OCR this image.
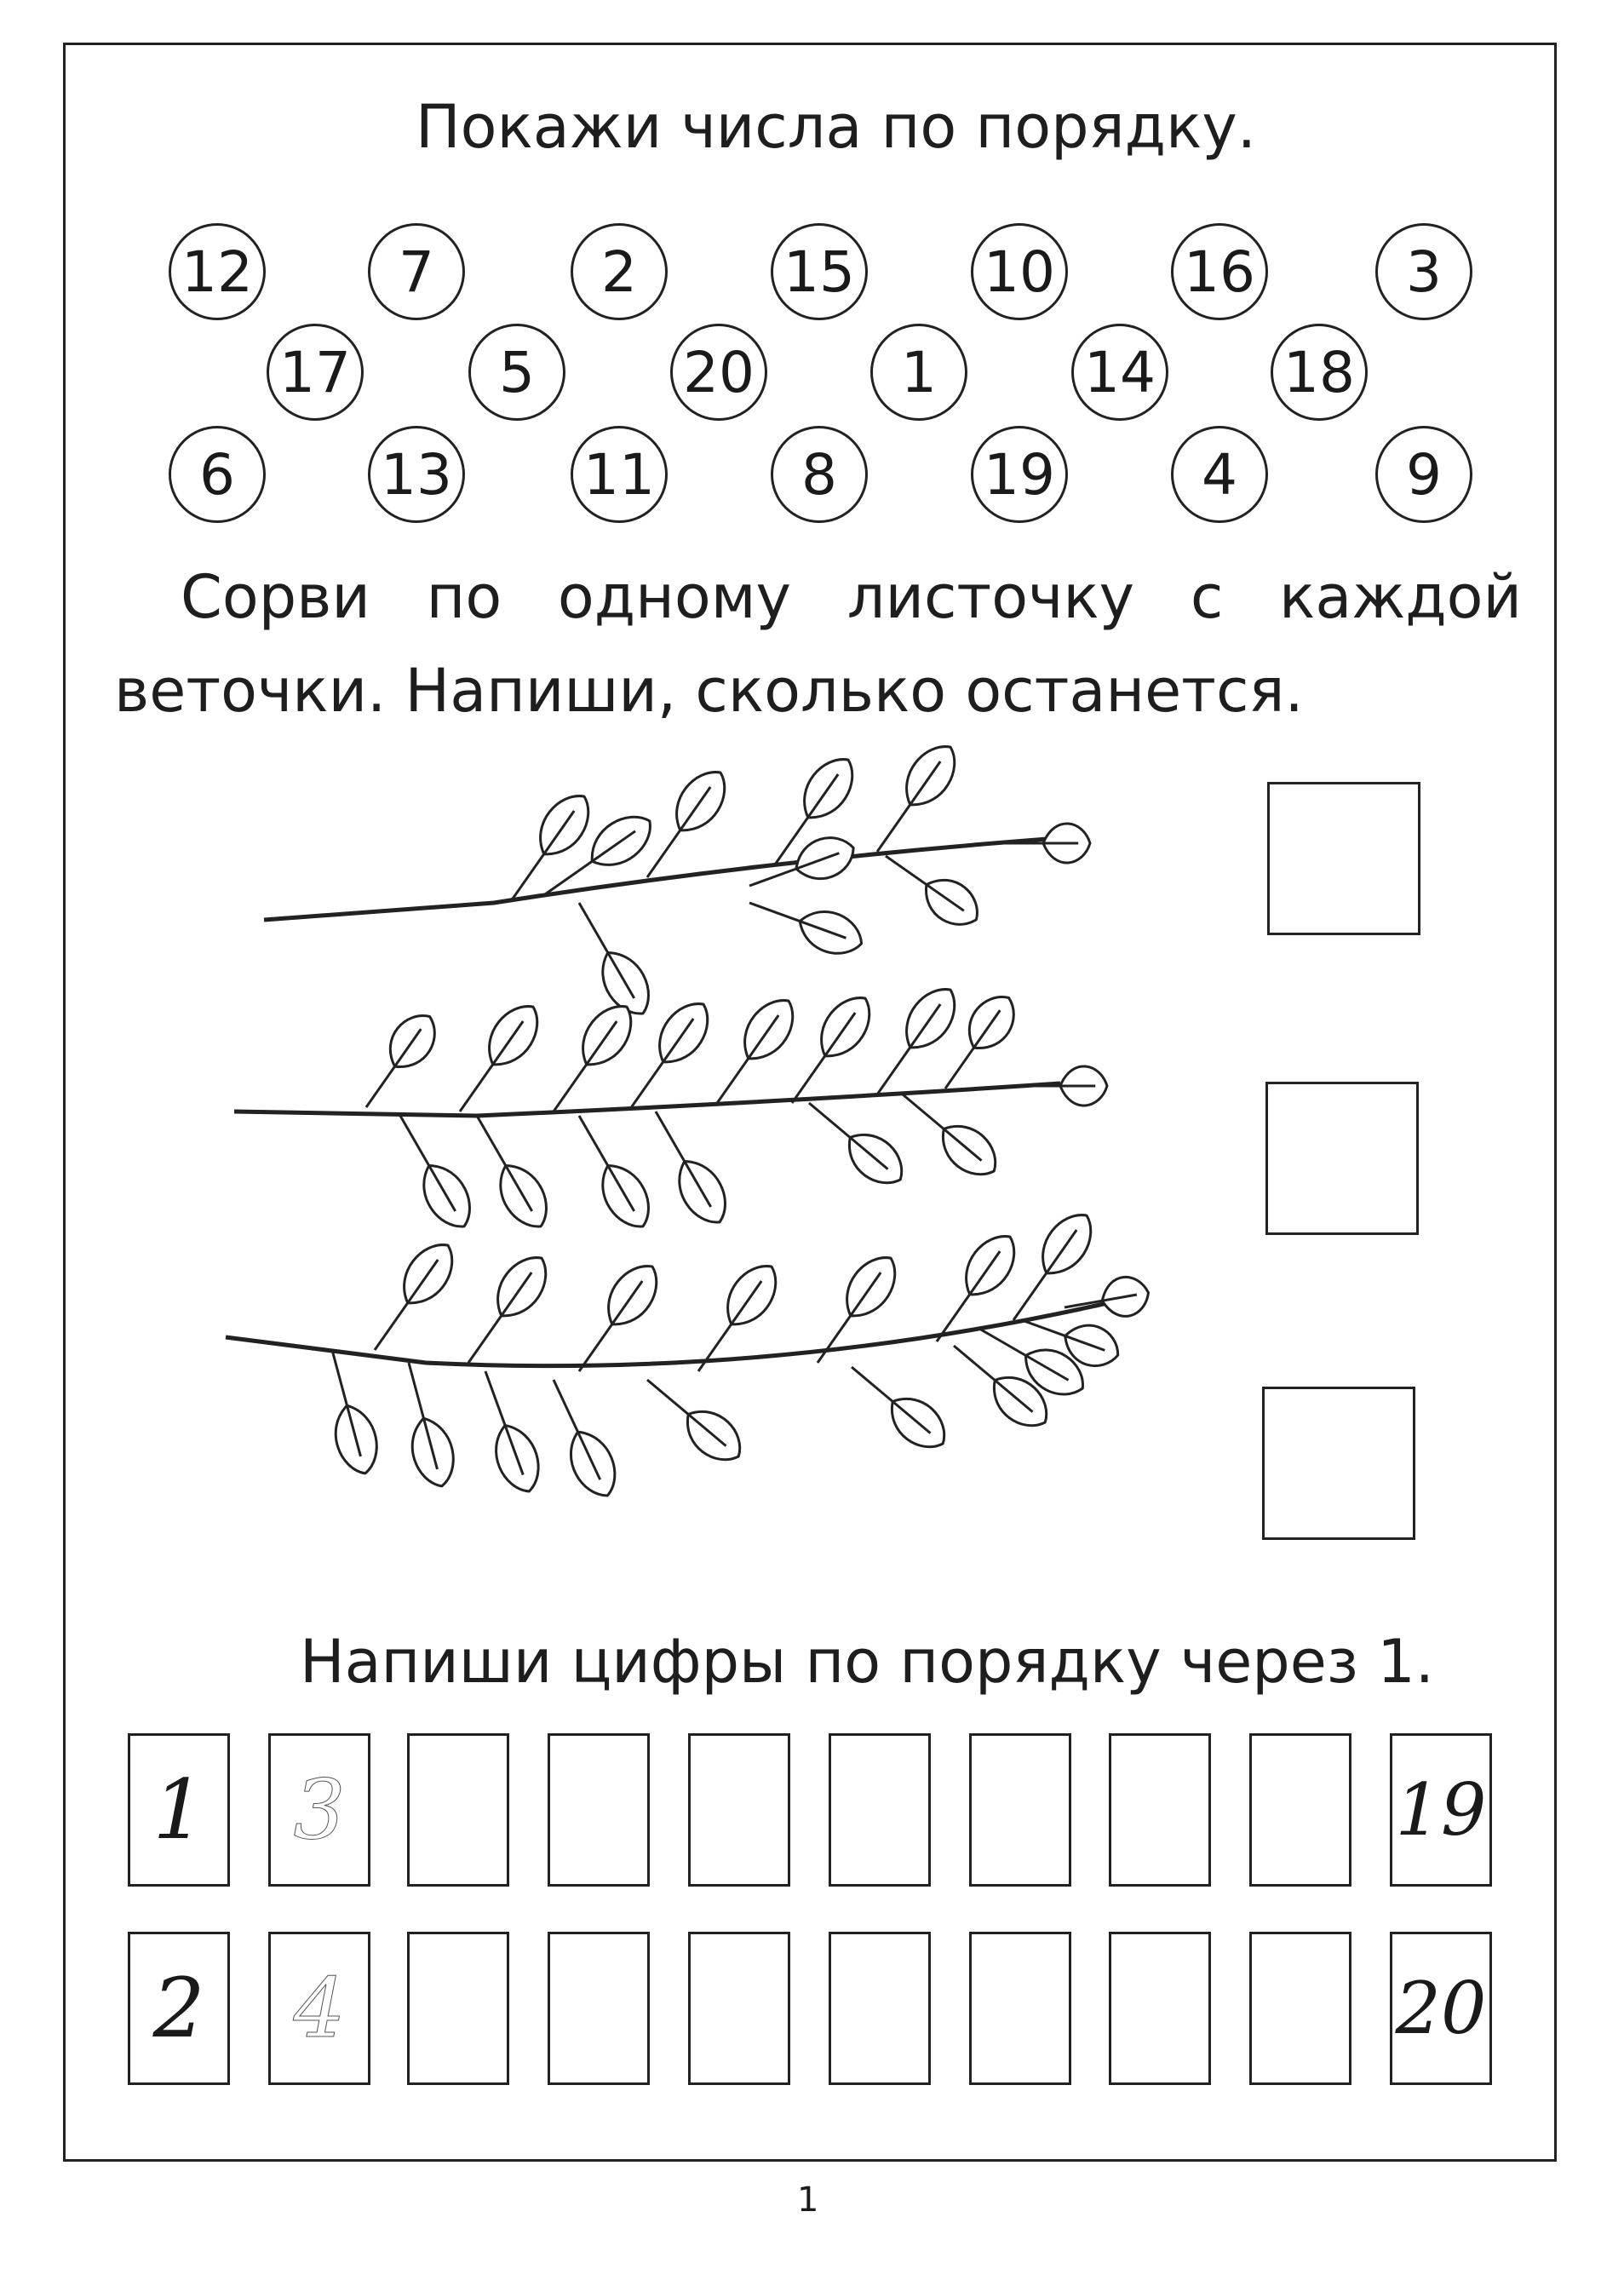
Покажи числа по порядку.
12	7	2	15 10 16	3
17	5	20	1	14 18
6	13 11	8	19	4	9
Сорви по одному листочку с каждой
веточки. Напиши, сколько останется.
Напиши цифры по порядку через 1.
1	3	19
2	4	20
1
